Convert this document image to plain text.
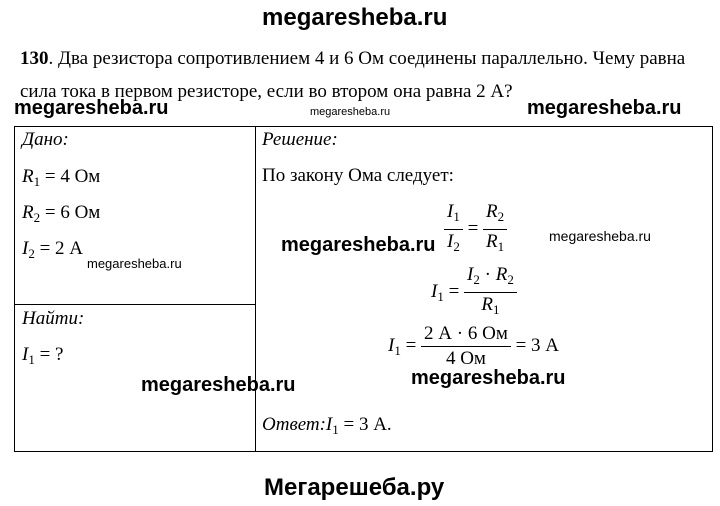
megaresheba.ru
megaresheba.ru	megaresheba.ru
130. Два резистора сопротивлением 4 и 6 Ом соединены параллельно. Чему равна сила тока в первом резисторе, если во втором она равна 2 А?
megaresheba.ru
Дано:
$R_1 = 4$ Ом
$R_2 = 6$ Ом
$I_2 = 2$ А
megaresheba.ru
Найти:
$I_1$ = ?
megaresheba.ru
Решение:
По закону Ома следует:
$\frac{I_1}{I_2} = \frac{R_2}{R_1}$	megaresheba.ru
megaresheba.ru
$I_1 = \frac{I_2 \cdot R_2}{R_1}$
$I_1 = \frac{2 А \cdot 6 Ом}{4 Ом} = 3$ А
megaresheba.ru
$Ответ:I_1 = 3$ А.
Мегарешеба.ру
